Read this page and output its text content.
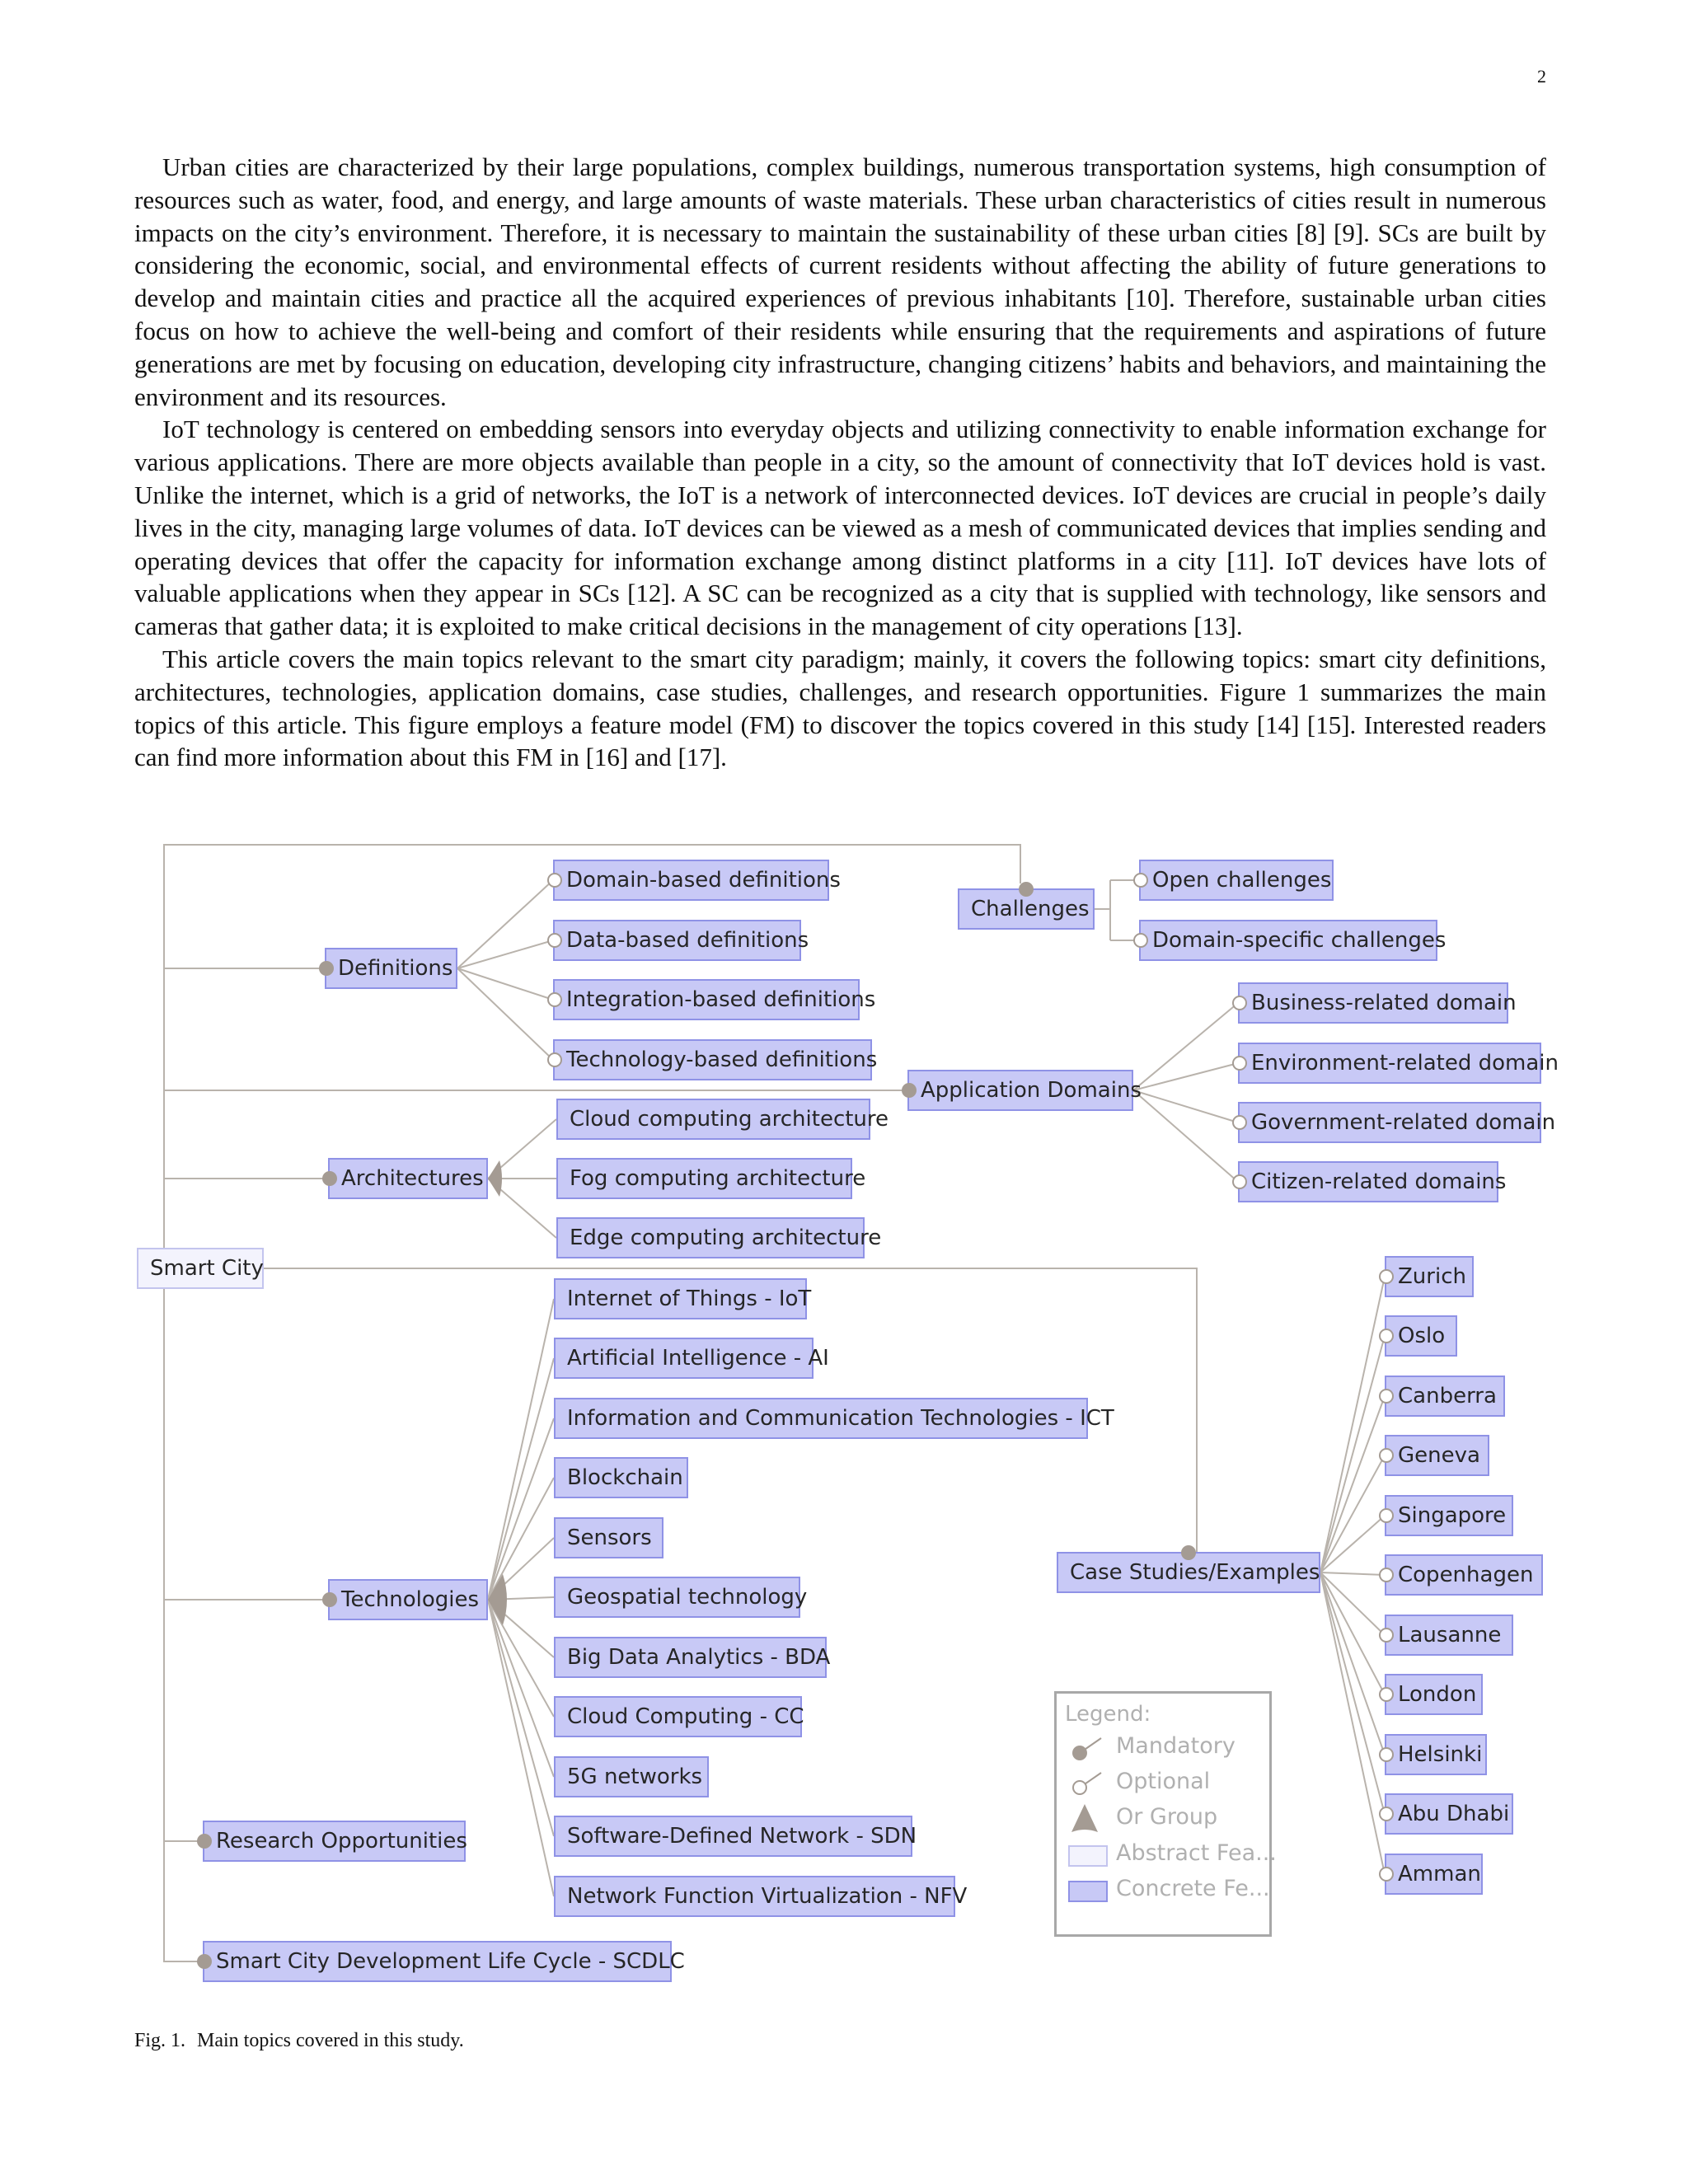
2

Urban cities are characterized by their large populations, complex buildings, numerous transportation systems, high consumption of resources such as water, food, and energy, and large amounts of waste materials. These urban characteristics of cities result in numerous impacts on the city’s environment. Therefore, it is necessary to maintain the sustainability of these urban cities [8] [9]. SCs are built by considering the economic, social, and environmental effects of current residents without affecting the ability of future generations to develop and maintain cities and practice all the acquired experiences of previous inhabitants [10]. Therefore, sustainable urban cities focus on how to achieve the well-being and comfort of their residents while ensuring that the requirements and aspirations of future generations are met by focusing on education, developing city infrastructure, changing citizens’ habits and behaviors, and maintaining the environment and its resources.

IoT technology is centered on embedding sensors into everyday objects and utilizing connectivity to enable information exchange for various applications. There are more objects available than people in a city, so the amount of connectivity that IoT devices hold is vast. Unlike the internet, which is a grid of networks, the IoT is a network of interconnected devices. IoT devices are crucial in people’s daily lives in the city, managing large volumes of data. IoT devices can be viewed as a mesh of communicated devices that implies sending and operating devices that offer the capacity for information exchange among distinct platforms in a city [11]. IoT devices have lots of valuable applications when they appear in SCs [12]. A SC can be recognized as a city that is supplied with technology, like sensors and cameras that gather data; it is exploited to make critical decisions in the management of city operations [13].

This article covers the main topics relevant to the smart city paradigm; mainly, it covers the following topics: smart city definitions, architectures, technologies, application domains, case studies, challenges, and research opportunities. Figure 1 summarizes the main topics of this article. This figure employs a feature model (FM) to discover the topics covered in this study [14] [15]. Interested readers can find more information about this FM in [16] and [17].

Smart City
Definitions
Domain-based definitions
Data-based definitions
Integration-based definitions
Technology-based definitions
Challenges
Open challenges
Domain-specific challenges
Application Domains
Business-related domain
Environment-related domain
Government-related domain
Citizen-related domains
Architectures
Cloud computing architecture
Fog computing architecture
Edge computing architecture
Technologies
Internet of Things - IoT
Artificial Intelligence - AI
Information and Communication Technologies - ICT
Blockchain
Sensors
Geospatial technology
Big Data Analytics - BDA
Cloud Computing - CC
5G networks
Software-Defined Network - SDN
Network Function Virtualization - NFV
Case Studies/Examples
Zurich
Oslo
Canberra
Geneva
Singapore
Copenhagen
Lausanne
London
Helsinki
Abu Dhabi
Amman
Research Opportunities
Smart City Development Life Cycle - SCDLC
Legend:
Mandatory
Optional
Or Group
Abstract Fea...
Concrete Fe...
Fig. 1. Main topics covered in this study.
